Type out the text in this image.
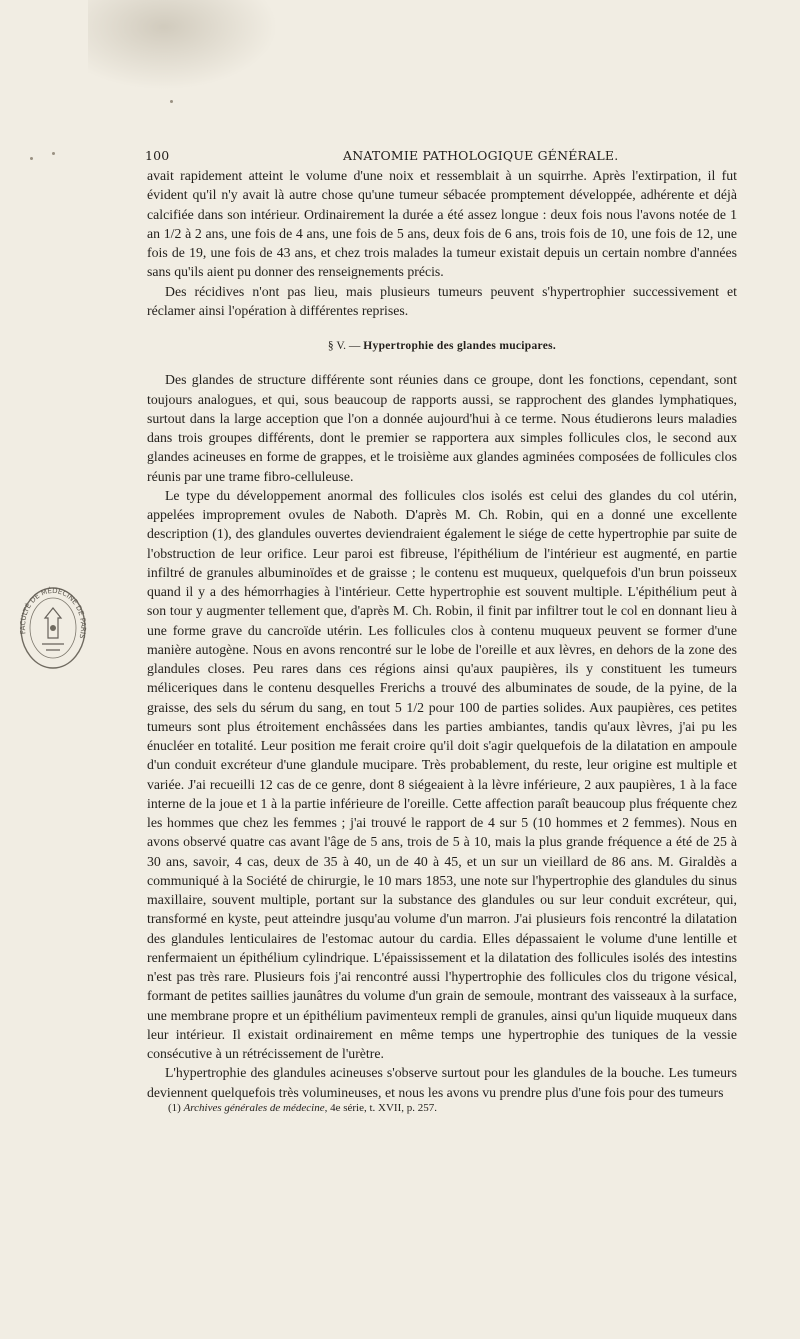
FACULTÉ DE MÉDECINE DE PARIS
100	ANATOMIE PATHOLOGIQUE GÉNÉRALE.

avait rapidement atteint le volume d'une noix et ressemblait à un squirrhe. Après l'extirpation, il fut évident qu'il n'y avait là autre chose qu'une tumeur sébacée promptement développée, adhérente et déjà calcifiée dans son intérieur. Ordinairement la durée a été assez longue : deux fois nous l'avons notée de 1 an 1/2 à 2 ans, une fois de 4 ans, une fois de 5 ans, deux fois de 6 ans, trois fois de 10, une fois de 12, une fois de 19, une fois de 43 ans, et chez trois malades la tumeur existait depuis un certain nombre d'années sans qu'ils aient pu donner des renseignements précis.

Des récidives n'ont pas lieu, mais plusieurs tumeurs peuvent s'hypertrophier successivement et réclamer ainsi l'opération à différentes reprises.

§ V. — Hypertrophie des glandes mucipares.

Des glandes de structure différente sont réunies dans ce groupe, dont les fonctions, cependant, sont toujours analogues, et qui, sous beaucoup de rapports aussi, se rapprochent des glandes lymphatiques, surtout dans la large acception que l'on a donnée aujourd'hui à ce terme. Nous étudierons leurs maladies dans trois groupes différents, dont le premier se rapportera aux simples follicules clos, le second aux glandes acineuses en forme de grappes, et le troisième aux glandes agminées composées de follicules clos réunis par une trame fibro-celluleuse.

Le type du développement anormal des follicules clos isolés est celui des glandes du col utérin, appelées improprement ovules de Naboth. D'après M. Ch. Robin, qui en a donné une excellente description (1), des glandules ouvertes deviendraient également le siége de cette hypertrophie par suite de l'obstruction de leur orifice. Leur paroi est fibreuse, l'épithélium de l'intérieur est augmenté, en partie infiltré de granules albuminoïdes et de graisse ; le contenu est muqueux, quelquefois d'un brun poisseux quand il y a des hémorrhagies à l'intérieur. Cette hypertrophie est souvent multiple. L'épithélium peut à son tour y augmenter tellement que, d'après M. Ch. Robin, il finit par infiltrer tout le col en donnant lieu à une forme grave du cancroïde utérin. Les follicules clos à contenu muqueux peuvent se former d'une manière autogène. Nous en avons rencontré sur le lobe de l'oreille et aux lèvres, en dehors de la zone des glandules closes. Peu rares dans ces régions ainsi qu'aux paupières, ils y constituent les tumeurs méliceriques dans le contenu desquelles Frerichs a trouvé des albuminates de soude, de la pyine, de la graisse, des sels du sérum du sang, en tout 5 1/2 pour 100 de parties solides. Aux paupières, ces petites tumeurs sont plus étroitement enchâssées dans les parties ambiantes, tandis qu'aux lèvres, j'ai pu les énucléer en totalité. Leur position me ferait croire qu'il doit s'agir quelquefois de la dilatation en ampoule d'un conduit excréteur d'une glandule mucipare. Très probablement, du reste, leur origine est multiple et variée. J'ai recueilli 12 cas de ce genre, dont 8 siégeaient à la lèvre inférieure, 2 aux paupières, 1 à la face interne de la joue et 1 à la partie inférieure de l'oreille. Cette affection paraît beaucoup plus fréquente chez les hommes que chez les femmes ; j'ai trouvé le rapport de 4 sur 5 (10 hommes et 2 femmes). Nous en avons observé quatre cas avant l'âge de 5 ans, trois de 5 à 10, mais la plus grande fréquence a été de 25 à 30 ans, savoir, 4 cas, deux de 35 à 40, un de 40 à 45, et un sur un vieillard de 86 ans. M. Giraldès a communiqué à la Société de chirurgie, le 10 mars 1853, une note sur l'hypertrophie des glandules du sinus maxillaire, souvent multiple, portant sur la substance des glandules ou sur leur conduit excréteur, qui, transformé en kyste, peut atteindre jusqu'au volume d'un marron. J'ai plusieurs fois rencontré la dilatation des glandules lenticulaires de l'estomac autour du cardia. Elles dépassaient le volume d'une lentille et renfermaient un épithélium cylindrique. L'épaississement et la dilatation des follicules isolés des intestins n'est pas très rare. Plusieurs fois j'ai rencontré aussi l'hypertrophie des follicules clos du trigone vésical, formant de petites saillies jaunâtres du volume d'un grain de semoule, montrant des vaisseaux à la surface, une membrane propre et un épithélium pavimenteux rempli de granules, ainsi qu'un liquide muqueux dans leur intérieur. Il existait ordinairement en même temps une hypertrophie des tuniques de la vessie consécutive à un rétrécissement de l'urètre.

L'hypertrophie des glandules acineuses s'observe surtout pour les glandules de la bouche. Les tumeurs deviennent quelquefois très volumineuses, et nous les avons vu prendre plus d'une fois pour des tumeurs

(1) Archives générales de médecine, 4e série, t. XVII, p. 257.
